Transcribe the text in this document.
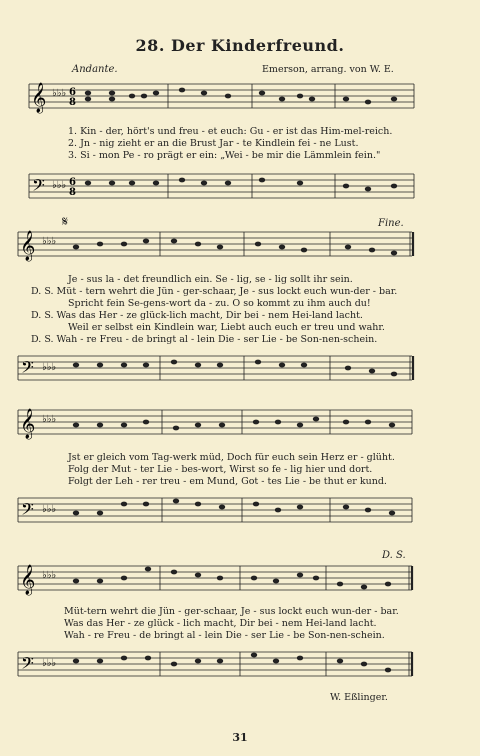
28. Der Kinderfreund.
Andante.	Emerson, arrang. von W. E.
𝄞 ♭♭♭ 6
8
1. Kin - der, hört's und freu - et euch: Gu - er ist das Him-mel-reich.
2. Jn - nig zieht er an die Brust Jar - te Kindlein fei - ne Lust.
3. Si - mon Pe - ro prägt er ein: „Wei - be mir die Lämmlein fein."
𝄢 ♭♭♭ 6
8
𝄋	Fine.
𝄞 ♭♭♭
Je - sus la - det freundlich ein. Se - lig, se - lig sollt ihr sein.
D. S. Müt - tern wehrt die Jün - ger-schaar, Je - sus lockt euch wun-der - bar.
Spricht fein Se-gens-wort da - zu. O so kommt zu ihm auch du!
D. S. Was das Her - ze glück-lich macht, Dir bei - nem Hei-land lacht.
Weil er selbst ein Kindlein war, Liebt auch euch er treu und wahr.
D. S. Wah - re Freu - de bringt al - lein Die - ser Lie - be Son-nen-schein.
𝄢 ♭♭♭
𝄞 ♭♭♭
Jst er gleich vom Tag-werk müd, Doch für euch sein Herz er - glüht.
Folg der Mut - ter Lie - bes-wort, Wirst so fe - lig hier und dort.
Folgt der Leh - rer treu - em Mund, Got - tes Lie - be thut er kund.
𝄢 ♭♭♭
D. S.
𝄞 ♭♭♭
Müt-tern wehrt die Jün - ger-schaar, Je - sus lockt euch wun-der - bar.
Was das Her - ze glück - lich macht, Dir bei - nem Hei-land lacht.
Wah - re Freu - de bringt al - lein Die - ser Lie - be Son-nen-schein.
𝄢 ♭♭♭
W. Eßlinger.
31
